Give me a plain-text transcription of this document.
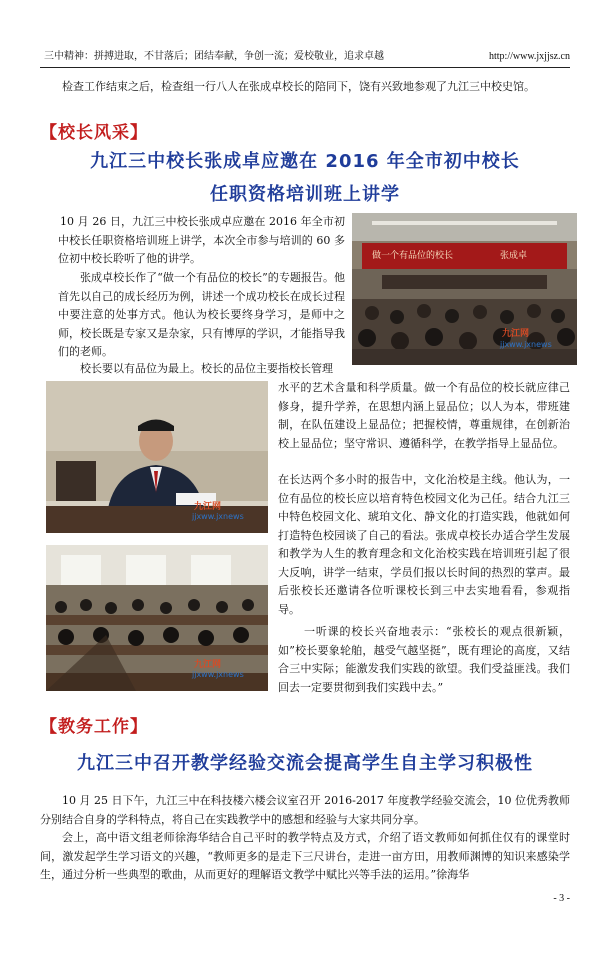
三中精神：拼搏进取，不甘落后；团结奉献，争创一流；爱校敬业，追求卓越	http://www.jxjjsz.cn

检查工作结束之后，检查组一行八人在张成卓校长的陪同下，饶有兴致地参观了九江三中校史馆。

【校长风采】
九江三中校长张成卓应邀在 2016 年全市初中校长
任职资格培训班上讲学

10 月 26 日，九江三中校长张成卓应邀在 2016 年全市初中校长任职资格培训班上讲学，本次全市参与培训的 60 多位初中校长聆听了他的讲学。

张成卓校长作了“做一个有品位的校长”的专题报告。他首先以自己的成长经历为例，讲述一个成功校长在成长过程中要注意的处事方式。他认为校长要终身学习，是师中之师，校长既是专家又是杂家，只有博厚的学识，才能指导我们的老师。

校长要以有品位为最上。校长的品位主要指校长管理

水平的艺术含量和科学质量。做一个有品位的校长就应律己修身，提升学养，在思想内涵上显品位；以人为本，带班建制，在队伍建设上显品位；把握校情，尊重规律，在创新治校上显品位；坚守常识、遵循科学，在教学指导上显品位。

在长达两个多小时的报告中，文化治校是主线。他认为，一位有品位的校长应以培育特色校园文化为己任。结合九江三中特色校园文化、琥珀文化、静文化的打造实践，他就如何打造特色校园谈了自己的看法。张成卓校长办适合学生发展和教学为人生的教育理念和文化治校实践在培训班引起了很大反响，讲学一结束，学员们报以长时间的热烈的掌声。最后张校长还邀请各位听课校长到三中去实地看看，参观指导。

一听课的校长兴奋地表示：“张校长的观点很新颖，如”校长要象轮舶，越受气越坚挺”，既有理论的高度，又结合三中实际；能激发我们实践的欲望。我们受益匪浅。我们回去一定要贯彻到我们实践中去。”

做一个有品位的校长	张成卓
九江网
jjxww.jxnews
九江网
jjxww.jxnews
九江网
jjxww.jxnews
【教务工作】
九江三中召开教学经验交流会提高学生自主学习积极性

10 月 25 日下午，九江三中在科技楼六楼会议室召开 2016-2017 年度教学经验交流会，10 位优秀教师分别结合自身的学科特点，将自己在实践教学中的感想和经验与大家共同分享。

会上，高中语文组老师徐海华结合自己平时的教学特点及方式，介绍了语文教师如何抓住仅有的课堂时间，激发起学生学习语文的兴趣，“教师更多的是走下三尺讲台，走进一亩方田，用教师渊博的知识来感染学生，通过分析一些典型的歌曲，从而更好的理解语文教学中赋比兴等手法的运用。”徐海华

- 3 -
